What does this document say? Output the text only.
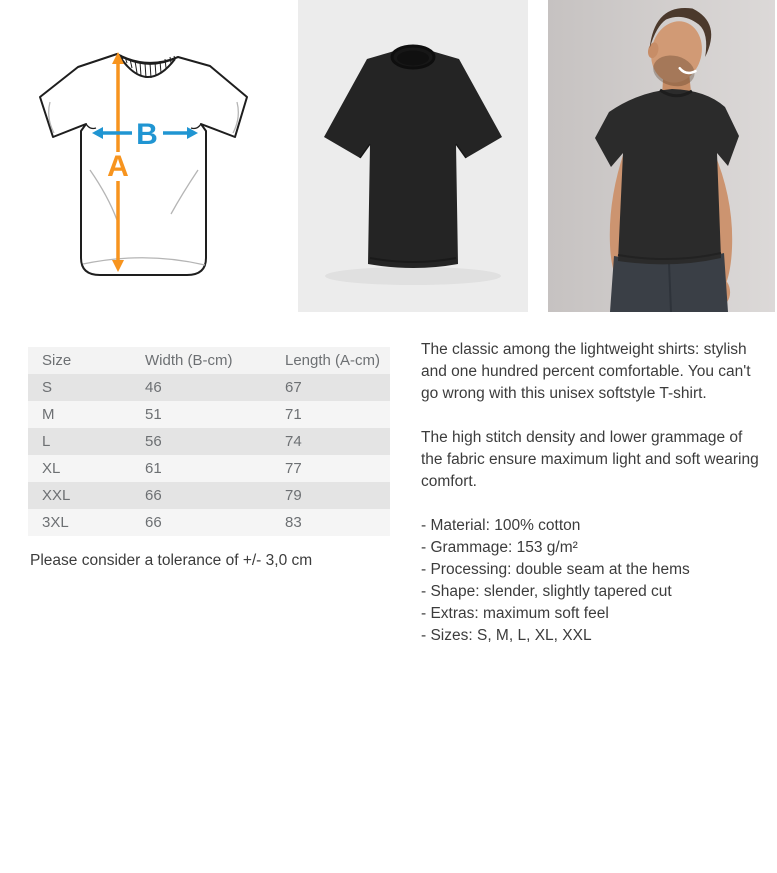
A
B
Size	Width (B-cm)	Length (A-cm)
S	46	67
M	51	71
L	56	74
XL	61	77
XXL	66	79
3XL	66	83
Please consider a tolerance of +/- 3,0 cm

The classic among the lightweight shirts: stylish and one hundred percent comfortable. You can't go wrong with this unisex softstyle T-shirt.

The high stitch density and lower grammage of the fabric ensure maximum light and soft wearing comfort.

- Material: 100% cotton
- Grammage: 153 g/m²
- Processing: double seam at the hems
- Shape: slender, slightly tapered cut
- Extras: maximum soft feel
- Sizes: S, M, L, XL, XXL
